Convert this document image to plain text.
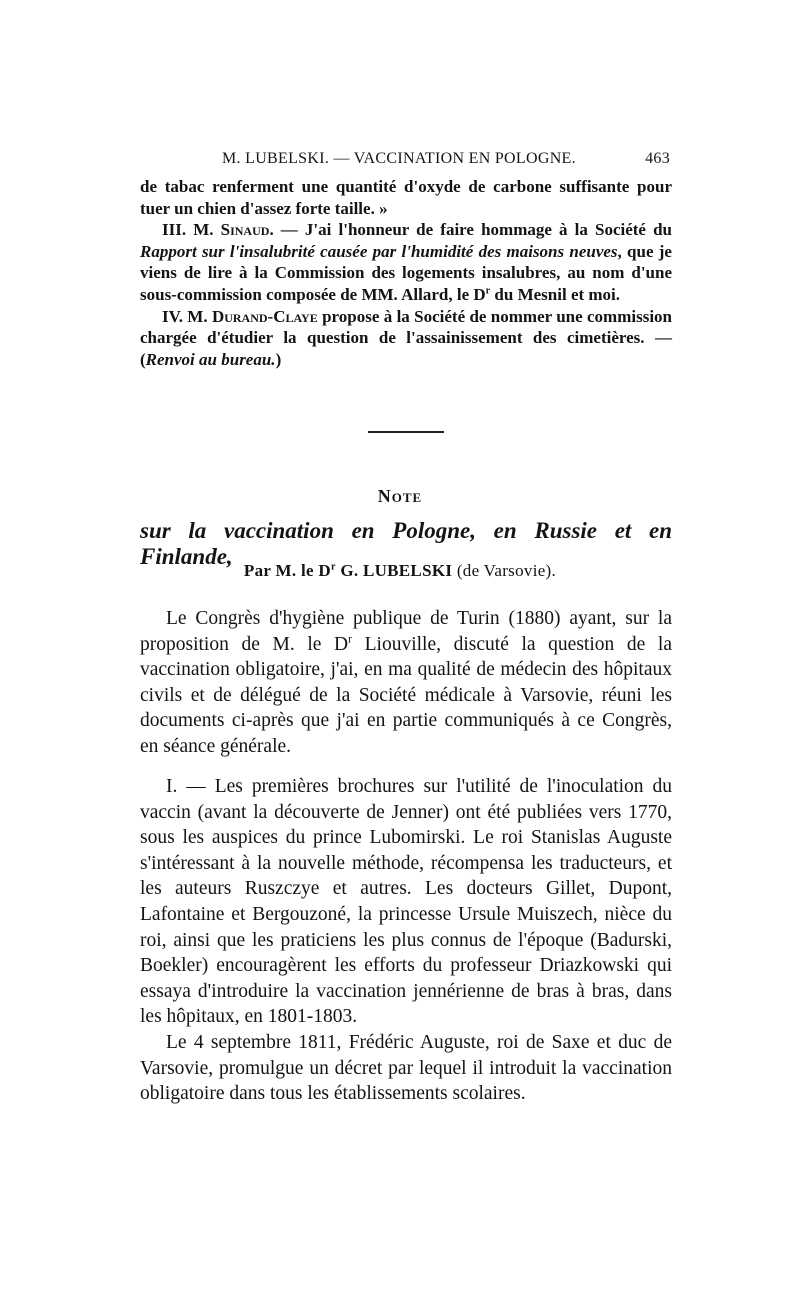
M. LUBELSKI. — VACCINATION EN POLOGNE.	463

de tabac renferment une quantité d'oxyde de carbone suffisante pour tuer un chien d'assez forte taille. »

III. M. Sinaud. — J'ai l'honneur de faire hommage à la Société du Rapport sur l'insalubrité causée par l'humidité des maisons neuves, que je viens de lire à la Commission des logements insalubres, au nom d'une sous-commission composée de MM. Allard, le $D^r$ du Mesnil et moi.

IV. M. Durand-Claye propose à la Société de nommer une commission chargée d'étudier la question de l'assainissement des cimetières. — (Renvoi au bureau.)

Note
sur la vaccination en Pologne, en Russie et en Finlande,
Par M. le $D^r$ G. LUBELSKI (de Varsovie).

Le Congrès d'hygiène publique de Turin (1880) ayant, sur la proposition de M. le $D^r$ Liouville, discuté la question de la vaccination obligatoire, j'ai, en ma qualité de médecin des hôpitaux civils et de délégué de la Société médicale à Varsovie, réuni les documents ci-après que j'ai en partie communiqués à ce Congrès, en séance générale.

I. — Les premières brochures sur l'utilité de l'inoculation du vaccin (avant la découverte de Jenner) ont été publiées vers 1770, sous les auspices du prince Lubomirski. Le roi Stanislas Auguste s'intéressant à la nouvelle méthode, récompensa les traducteurs, et les auteurs Ruszczye et autres. Les docteurs Gillet, Dupont, Lafontaine et Bergouzoné, la princesse Ursule Muiszech, nièce du roi, ainsi que les praticiens les plus connus de l'époque (Badurski, Boekler) encouragèrent les efforts du professeur Driazkowski qui essaya d'introduire la vaccination jennérienne de bras à bras, dans les hôpitaux, en 1801-1803.

Le 4 septembre 1811, Frédéric Auguste, roi de Saxe et duc de Varsovie, promulgue un décret par lequel il introduit la vaccination obligatoire dans tous les établissements scolaires.
